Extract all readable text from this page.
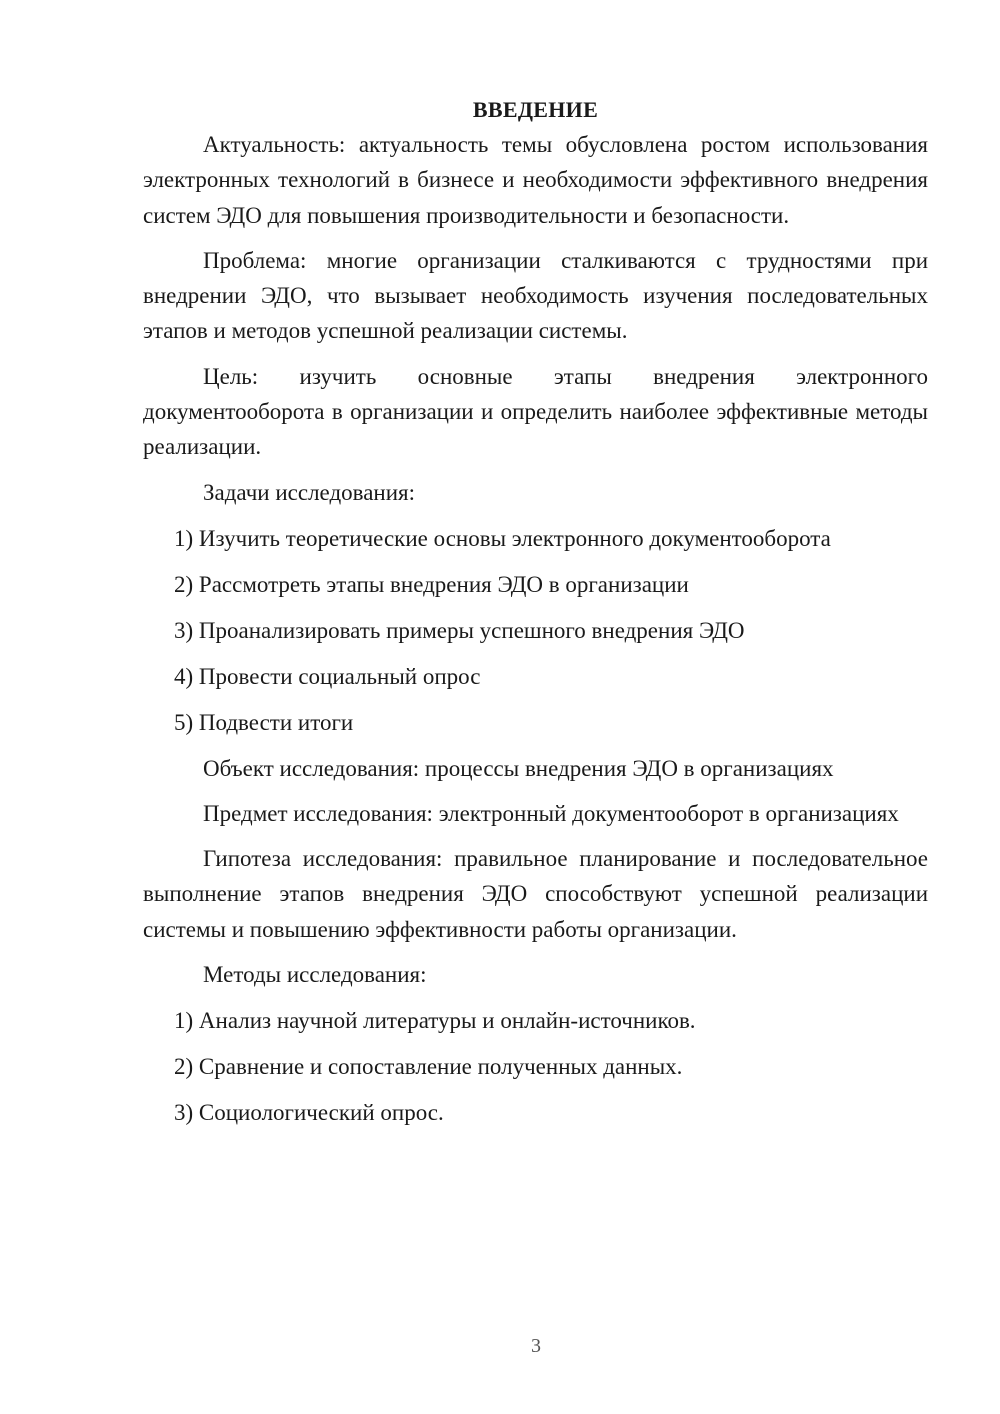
ВВЕДЕНИЕ

Актуальность: актуальность темы обусловлена ростом использования электронных технологий в бизнесе и необходимости эффективного внедрения систем ЭДО для повышения производительности и безопасности.

Проблема: многие организации сталкиваются с трудностями при внедрении ЭДО, что вызывает необходимость изучения последовательных этапов и методов успешной реализации системы.

Цель: изучить основные этапы внедрения электронного документооборота в организации и определить наиболее эффективные методы реализации.

Задачи исследования:

1) Изучить теоретические основы электронного документооборота

2) Рассмотреть этапы внедрения ЭДО в организации

3) Проанализировать примеры успешного внедрения ЭДО

4) Провести социальный опрос

5) Подвести итоги

Объект исследования: процессы внедрения ЭДО в организациях

Предмет исследования: электронный документооборот в организациях

Гипотеза исследования: правильное планирование и последовательное выполнение этапов внедрения ЭДО способствуют успешной реализации системы и повышению эффективности работы организации.

Методы исследования:

1) Анализ научной литературы и онлайн-источников.

2) Сравнение и сопоставление полученных данных.

3) Социологический опрос.

3
